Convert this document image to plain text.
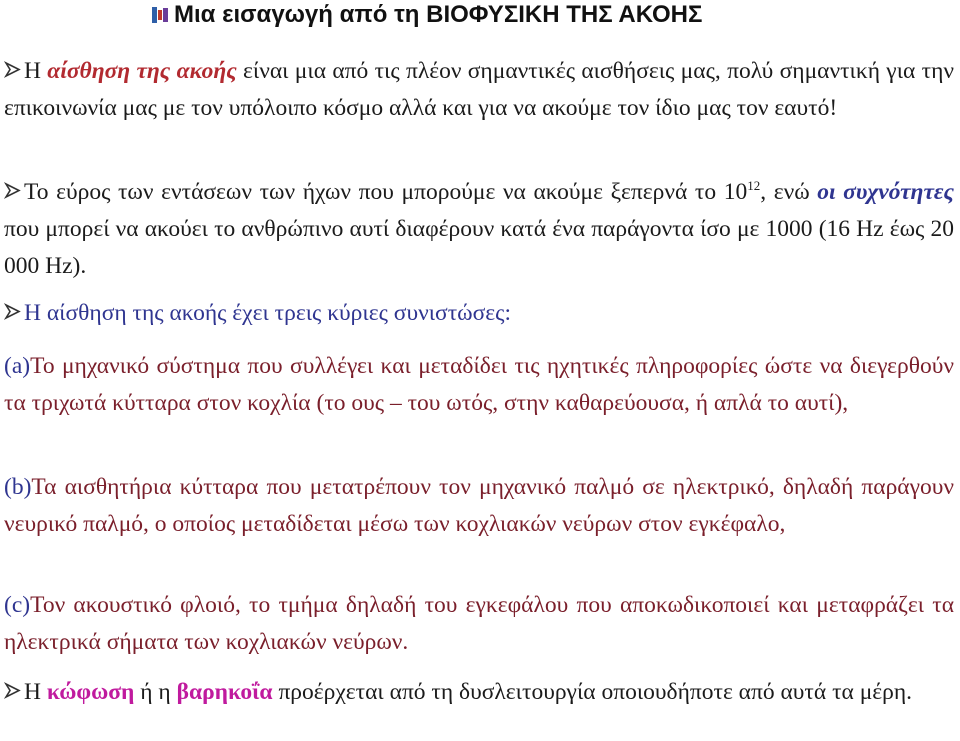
Μια εισαγωγή από τη ΒΙΟΦΥΣΙΚΗ ΤΗΣ ΑΚΟΗΣ
Η αίσθηση της ακοής είναι μια από τις πλέον σημαντικές αισθήσεις μας, πολύ σημαντική για την επικοινωνία μας με τον υπόλοιπο κόσμο αλλά και για να ακούμε τον ίδιο μας τον εαυτό!
Το εύρος των εντάσεων των ήχων που μπορούμε να ακούμε ξεπερνά το $10^{12}$, ενώ οι συχνότητες που μπορεί να ακούει το ανθρώπινο αυτί διαφέρουν κατά ένα παράγοντα ίσο με 1000 (16 Hz έως 20 000 Hz).
Η αίσθηση της ακοής έχει τρεις κύριες συνιστώσες:
(a)Το μηχανικό σύστημα που συλλέγει και μεταδίδει τις ηχητικές πληροφορίες ώστε να διεγερθούν τα τριχωτά κύτταρα στον κοχλία (το ους – του ωτός, στην καθαρεύουσα, ή απλά το αυτί),
(b)Τα αισθητήρια κύτταρα που μετατρέπουν τον μηχανικό παλμό σε ηλεκτρικό, δηλαδή παράγουν νευρικό παλμό, ο οποίος μεταδίδεται μέσω των κοχλιακών νεύρων στον εγκέφαλο,
(c)Τον ακουστικό φλοιό, το τμήμα δηλαδή του εγκεφάλου που αποκωδικοποιεί και μεταφράζει τα ηλεκτρικά σήματα των κοχλιακών νεύρων.
Η κώφωση ή η βαρηκοΐα προέρχεται από τη δυσλειτουργία οποιουδήποτε από αυτά τα μέρη.
